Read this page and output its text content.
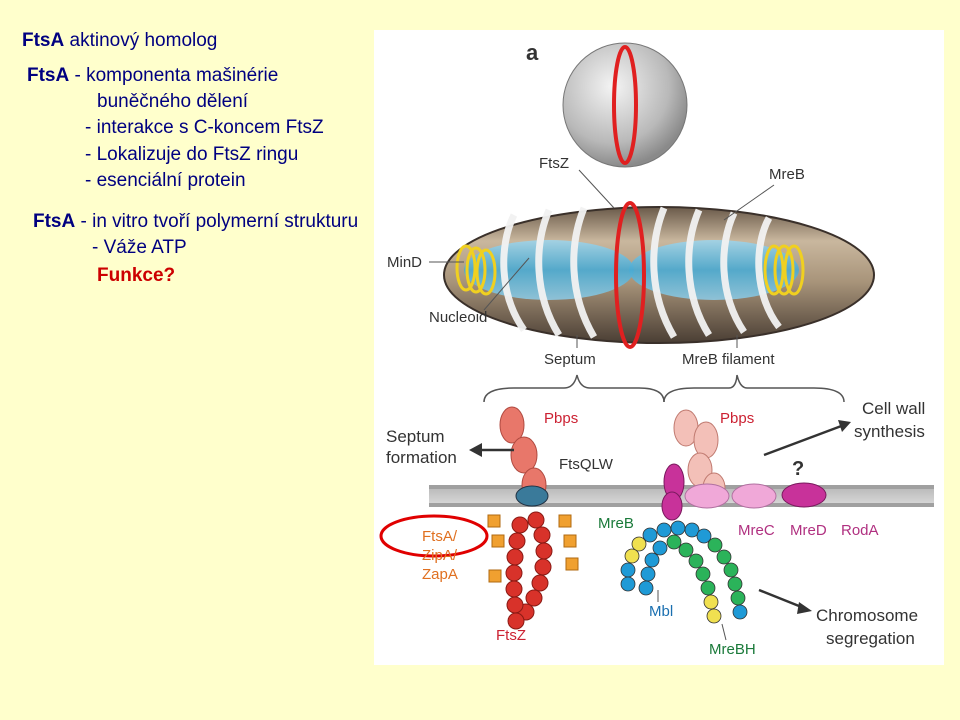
FtsA aktinový homolog
FtsA - komponenta mašinérie
buněčného dělení
- interakce s C-koncem FtsZ
- Lokalizuje do FtsZ ringu
- esenciální protein
FtsA - in vitro tvoří polymerní strukturu
- Váže ATP
Funkce?
a
FtsZ
MreB
MinD
Nucleoid
Septum	MreB filament
Pbps
FtsQLW
Septum
formation
FtsA/
ZipA/
ZapA
FtsZ
Pbps
Cell wall
synthesis
?
MreB	MreC MreD RodA
Mbl
MreBH
Chromosome
segregation
